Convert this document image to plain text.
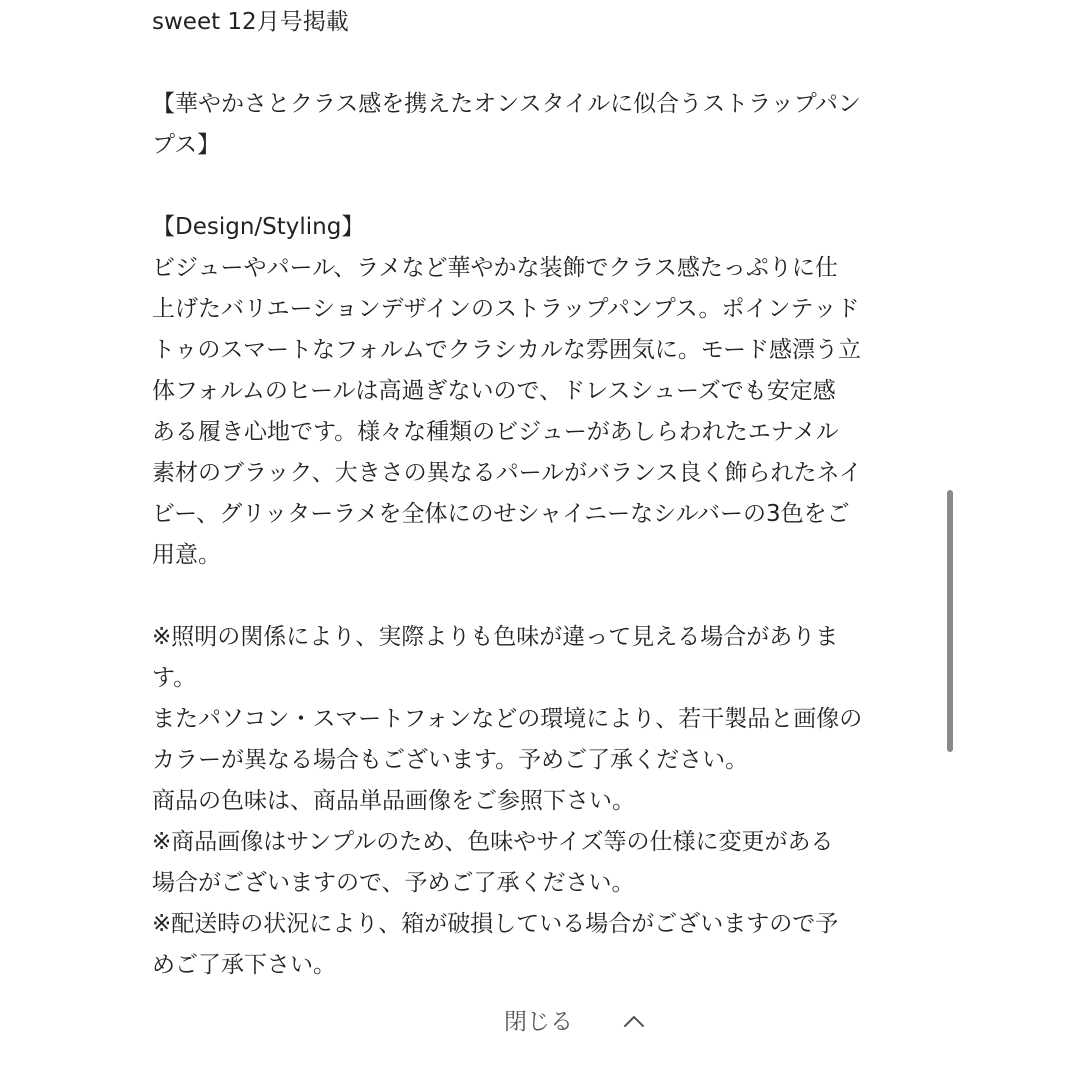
sweet 12月号掲載
【華やかさとクラス感を携えたオンスタイルに似合うストラップパン
プス】
【Design/Styling】
ビジューやパール、ラメなど華やかな装飾でクラス感たっぷりに仕
上げたバリエーションデザインのストラップパンプス。ポインテッド
トゥのスマートなフォルムでクラシカルな雰囲気に。モード感漂う立
体フォルムのヒールは高過ぎないので、ドレスシューズでも安定感
ある履き心地です。様々な種類のビジューがあしらわれたエナメル
素材のブラック、大きさの異なるパールがバランス良く飾られたネイ
ビー、グリッターラメを全体にのせシャイニーなシルバーの3色をご
用意。
※照明の関係により、実際よりも色味が違って見える場合がありま
す。
またパソコン・スマートフォンなどの環境により、若干製品と画像の
カラーが異なる場合もございます。予めご了承ください。
商品の色味は、商品単品画像をご参照下さい。
※商品画像はサンプルのため、色味やサイズ等の仕様に変更がある
場合がございますので、予めご了承ください。
※配送時の状況により、箱が破損している場合がございますので予
めご了承下さい。
閉じる
